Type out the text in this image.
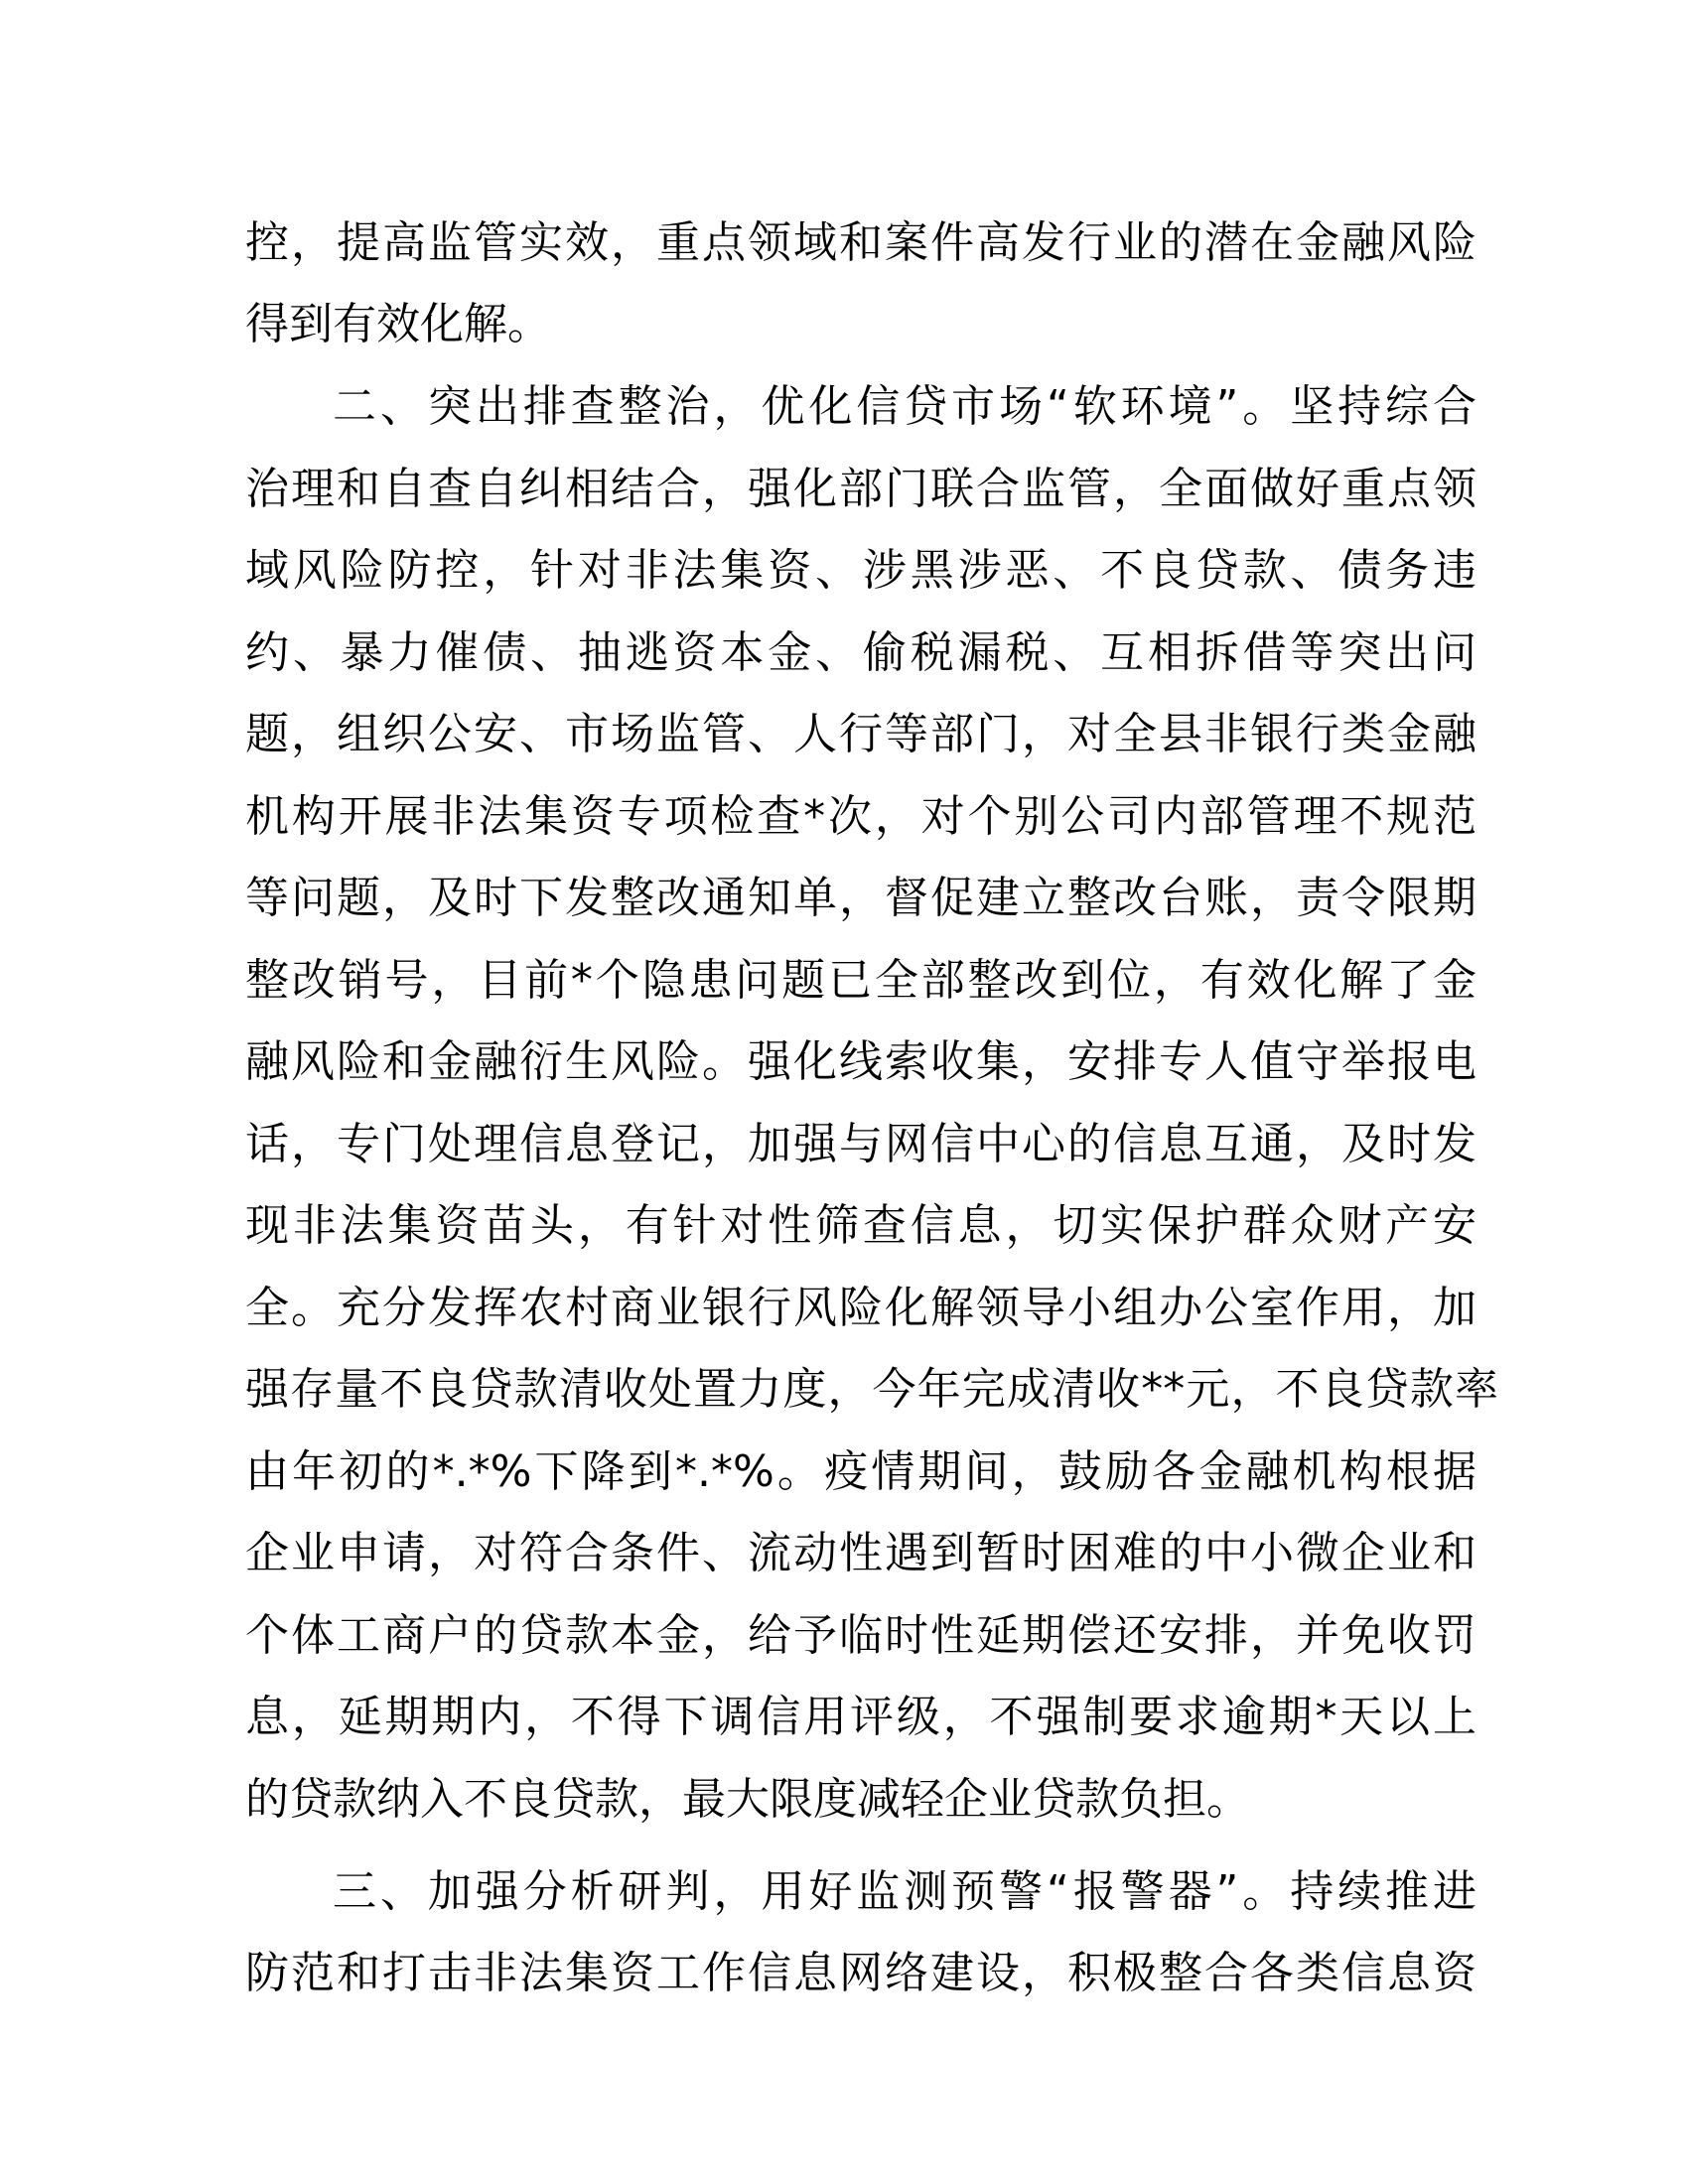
控，提高监管实效，重点领域和案件高发行业的潜在金融风险
得到有效化解。
二、突出排查整治，优化信贷市场“软环境”。坚持综合
治理和自查自纠相结合，强化部门联合监管，全面做好重点领
域风险防控，针对非法集资、涉黑涉恶、不良贷款、债务违
约、暴力催债、抽逃资本金、偷税漏税、互相拆借等突出问
题，组织公安、市场监管、人行等部门，对全县非银行类金融
机构开展非法集资专项检查*次，对个别公司内部管理不规范
等问题，及时下发整改通知单，督促建立整改台账，责令限期
整改销号，目前*个隐患问题已全部整改到位，有效化解了金
融风险和金融衍生风险。强化线索收集，安排专人值守举报电
话，专门处理信息登记，加强与网信中心的信息互通，及时发
现非法集资苗头，有针对性筛查信息，切实保护群众财产安
全。充分发挥农村商业银行风险化解领导小组办公室作用，加
强存量不良贷款清收处置力度，今年完成清收**元，不良贷款率
由年初的*.*%下降到*.*%。疫情期间，鼓励各金融机构根据
企业申请，对符合条件、流动性遇到暂时困难的中小微企业和
个体工商户的贷款本金，给予临时性延期偿还安排，并免收罚
息，延期期内，不得下调信用评级，不强制要求逾期*天以上
的贷款纳入不良贷款，最大限度减轻企业贷款负担。
三、加强分析研判，用好监测预警“报警器”。持续推进
防范和打击非法集资工作信息网络建设，积极整合各类信息资
